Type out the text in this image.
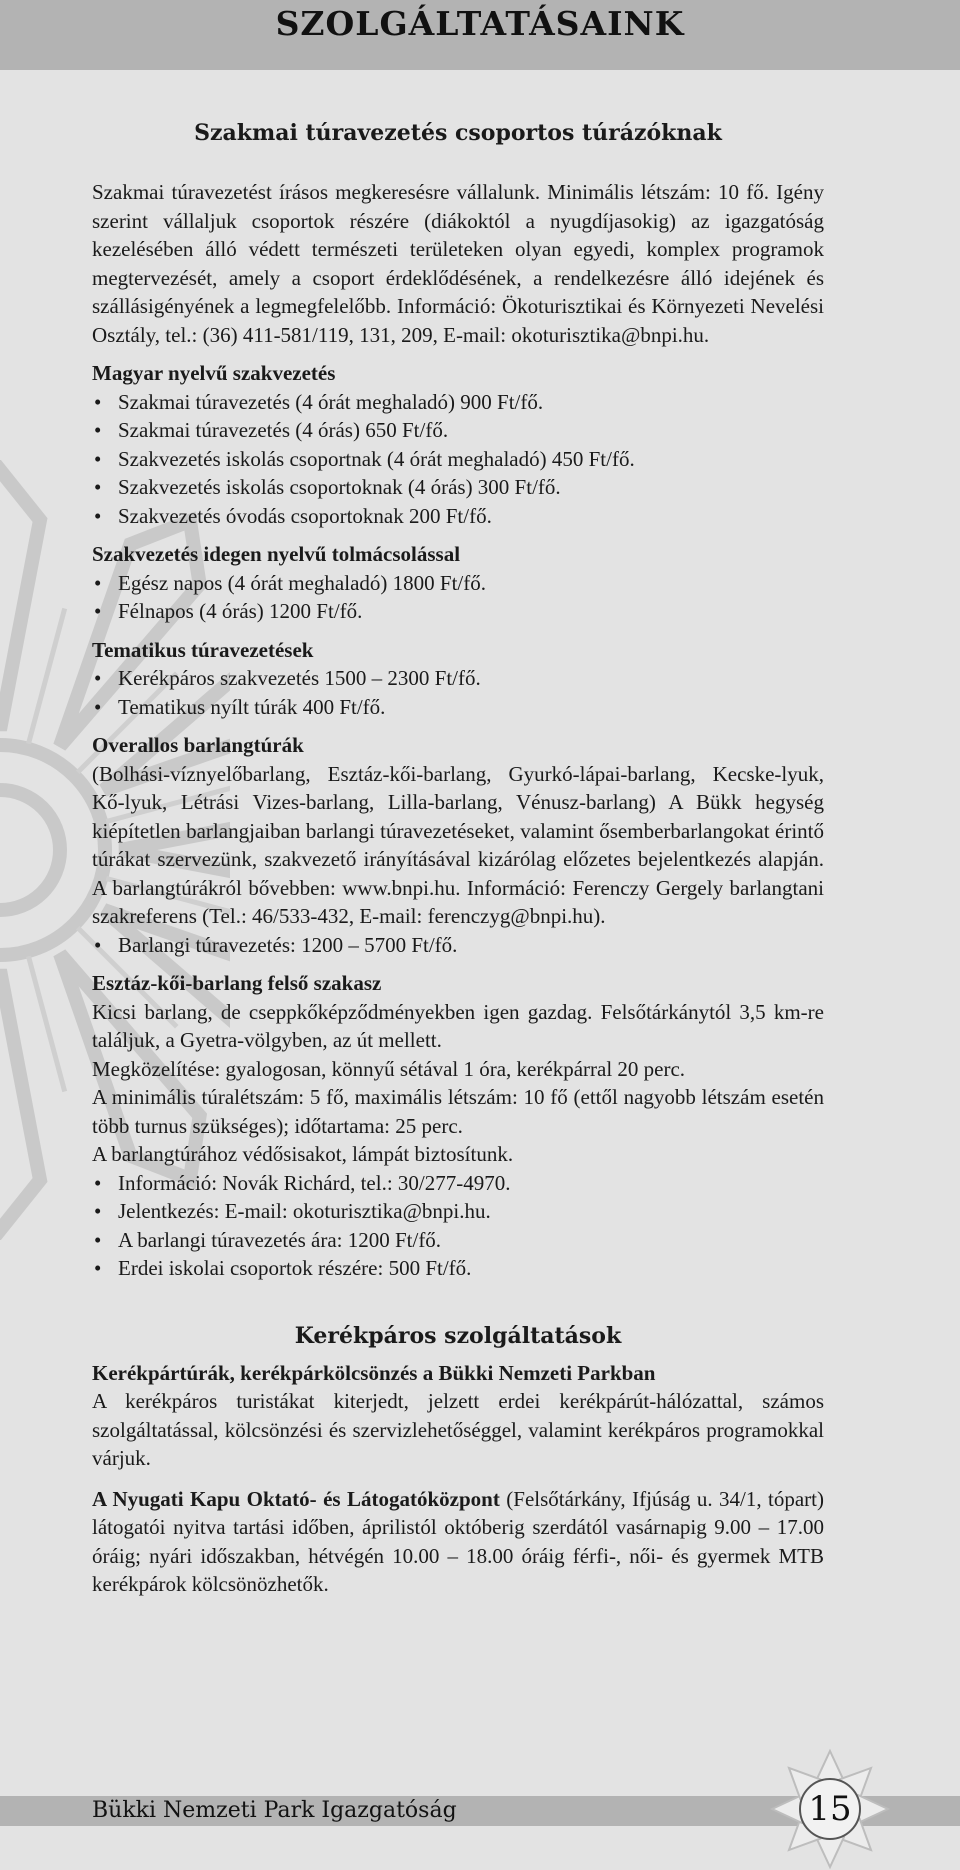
SZOLGÁLTATÁSAINK
Szakmai túravezetés csoportos túrázóknak

Szakmai túravezetést írásos megkeresésre vállalunk. Minimális létszám: 10 fő. Igény szerint vállaljuk csoportok részére (diákoktól a nyugdíjasokig) az igazgatóság kezelésében álló védett természeti területeken olyan egyedi, komplex programok megtervezését, amely a csoport érdeklődésének, a rendelkezésre álló idejének és szállásigényének a legmegfelelőbb. Információ: Ökoturisztikai és Környezeti Nevelési Osztály, tel.: (36) 411-581/119, 131, 209, E-mail: okoturisztika@bnpi.hu.

Magyar nyelvű szakvezetés
• Szakmai túravezetés (4 órát meghaladó) 900 Ft/fő.
• Szakmai túravezetés (4 órás) 650 Ft/fő.
• Szakvezetés iskolás csoportnak (4 órát meghaladó) 450 Ft/fő.
• Szakvezetés iskolás csoportoknak (4 órás) 300 Ft/fő.
• Szakvezetés óvodás csoportoknak 200 Ft/fő.
Szakvezetés idegen nyelvű tolmácsolással
• Egész napos (4 órát meghaladó) 1800 Ft/fő.
• Félnapos (4 órás) 1200 Ft/fő.
Tematikus túravezetések
• Kerékpáros szakvezetés 1500 – 2300 Ft/fő.
• Tematikus nyílt túrák 400 Ft/fő.
Overallos barlangtúrák

(Bolhási-víznyelőbarlang, Esztáz-kői-barlang, Gyurkó-lápai-barlang, Kecske-lyuk, Kő-lyuk, Létrási Vizes-barlang, Lilla-barlang, Vénusz-barlang) A Bükk hegység kiépítetlen barlangjaiban barlangi túravezetéseket, valamint ősemberbarlangokat érintő túrákat szervezünk, szakvezető irányításával kizárólag előzetes bejelentkezés alapján. A barlangtúrákról bővebben: www.bnpi.hu. Információ: Ferenczy Gergely barlangtani szakreferens (Tel.: 46/533-432, E-mail: ferenczyg@bnpi.hu).

• Barlangi túravezetés: 1200 – 5700 Ft/fő.
Esztáz-kői-barlang felső szakasz

Kicsi barlang, de cseppkőképződményekben igen gazdag. Felsőtárkánytól 3,5 km-re találjuk, a Gyetra-völgyben, az út mellett.

Megközelítése: gyalogosan, könnyű sétával 1 óra, kerékpárral 20 perc.

A minimális túralétszám: 5 fő, maximális létszám: 10 fő (ettől nagyobb létszám esetén több turnus szükséges); időtartama: 25 perc.

A barlangtúrához védősisakot, lámpát biztosítunk.

• Információ: Novák Richárd, tel.: 30/277-4970.
• Jelentkezés: E-mail: okoturisztika@bnpi.hu.
• A barlangi túravezetés ára: 1200 Ft/fő.
• Erdei iskolai csoportok részére: 500 Ft/fő.
Kerékpáros szolgáltatások
Kerékpártúrák, kerékpárkölcsönzés a Bükki Nemzeti Parkban

A kerékpáros turistákat kiterjedt, jelzett erdei kerékpárút-hálózattal, számos szolgáltatással, kölcsönzési és szervizlehetőséggel, valamint kerékpáros programokkal várjuk.

A Nyugati Kapu Oktató- és Látogatóközpont (Felsőtárkány, Ifjúság u. 34/1, tópart) látogatói nyitva tartási időben, áprilistól októberig szerdától vasárnapig 9.00 – 17.00 óráig; nyári időszakban, hétvégén 10.00 – 18.00 óráig férfi-, női- és gyermek MTB kerékpárok kölcsönözhetők.

Bükki Nemzeti Park Igazgatóság	15
